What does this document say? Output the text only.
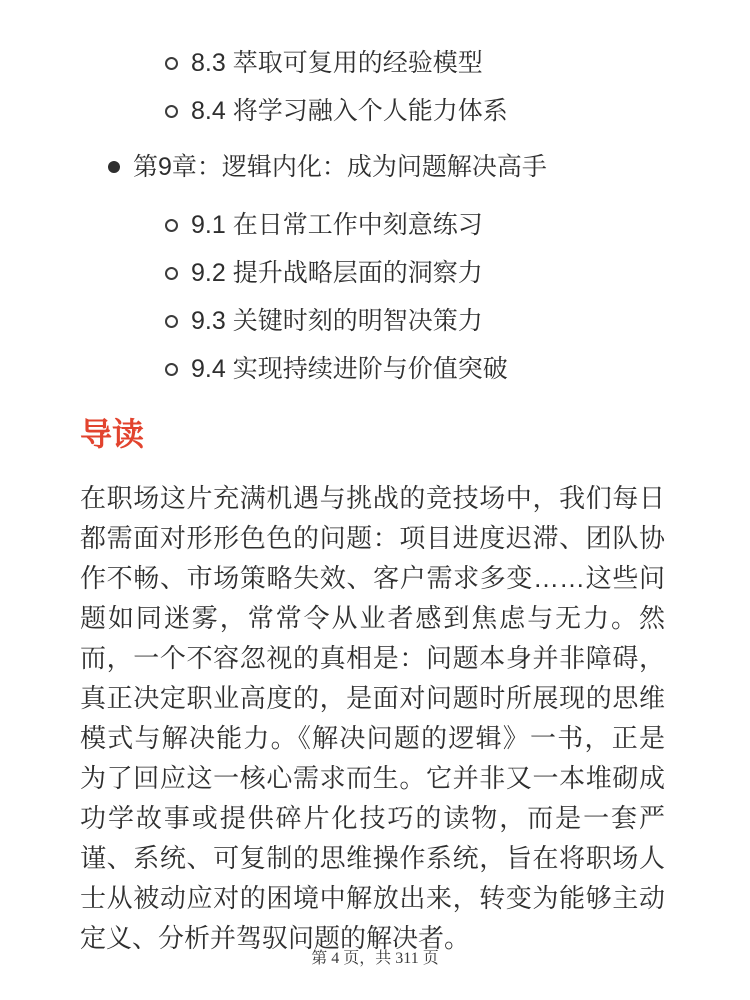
8.3 萃取可复用的经验模型
8.4 将学习融入个人能力体系
第9章：逻辑内化：成为问题解决高手
9.1 在日常工作中刻意练习
9.2 提升战略层面的洞察力
9.3 关键时刻的明智决策力
9.4 实现持续进阶与价值突破
导读
在职场这片充满机遇与挑战的竞技场中，我们每日
都需面对形形色色的问题：项目进度迟滞、团队协
作不畅、市场策略失效、客户需求多变……这些问
题如同迷雾，常常令从业者感到焦虑与无力。然
而，一个不容忽视的真相是：问题本身并非障碍，
真正决定职业高度的，是面对问题时所展现的思维
模式与解决能力。《解决问题的逻辑》一书，正是
为了回应这一核心需求而生。它并非又一本堆砌成
功学故事或提供碎片化技巧的读物，而是一套严
谨、系统、可复制的思维操作系统，旨在将职场人
士从被动应对的困境中解放出来，转变为能够主动
定义、分析并驾驭问题的解决者。
第 4 页，共 311 页
